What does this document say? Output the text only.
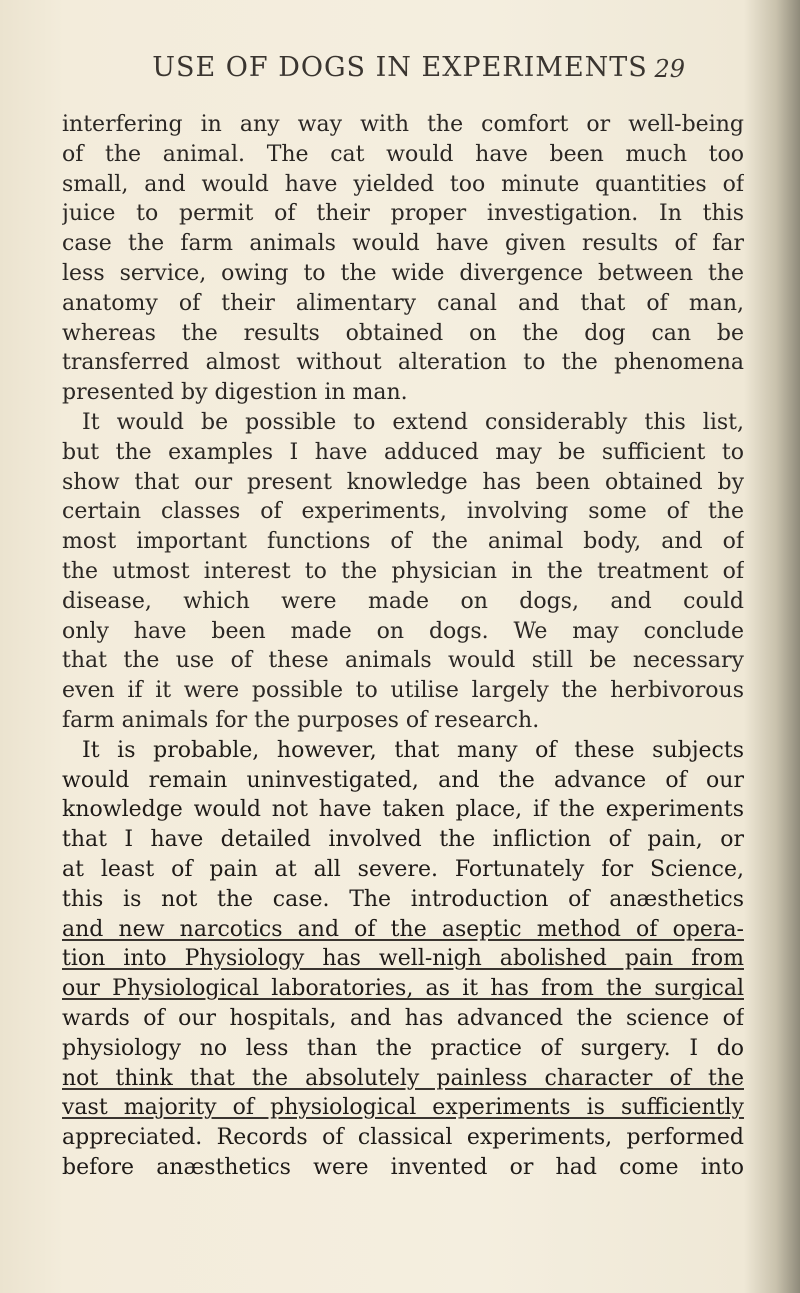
USE OF DOGS IN EXPERIMENTS 29
interfering in any way with the comfort or well-being
of the animal. The cat would have been much too
small, and would have yielded too minute quantities of
juice to permit of their proper investigation. In this
case the farm animals would have given results of far
less service, owing to the wide divergence between the
anatomy of their alimentary canal and that of man,
whereas the results obtained on the dog can be
transferred almost without alteration to the phenomena
presented by digestion in man.
It would be possible to extend considerably this list,
but the examples I have adduced may be sufficient to
show that our present knowledge has been obtained by
certain classes of experiments, involving some of the
most important functions of the animal body, and of
the utmost interest to the physician in the treatment of
disease, which were made on dogs, and could
only have been made on dogs. We may conclude
that the use of these animals would still be necessary
even if it were possible to utilise largely the herbivorous
farm animals for the purposes of research.
It is probable, however, that many of these subjects
would remain uninvestigated, and the advance of our
knowledge would not have taken place, if the experiments
that I have detailed involved the infliction of pain, or
at least of pain at all severe. Fortunately for Science,
this is not the case. The introduction of anæsthetics
and new narcotics and of the aseptic method of opera-
tion into Physiology has well-nigh abolished pain from
our Physiological laboratories, as it has from the surgical
wards of our hospitals, and has advanced the science of
physiology no less than the practice of surgery. I do
not think that the absolutely painless character of the
vast majority of physiological experiments is sufficiently
appreciated. Records of classical experiments, performed
before anæsthetics were invented or had come into
